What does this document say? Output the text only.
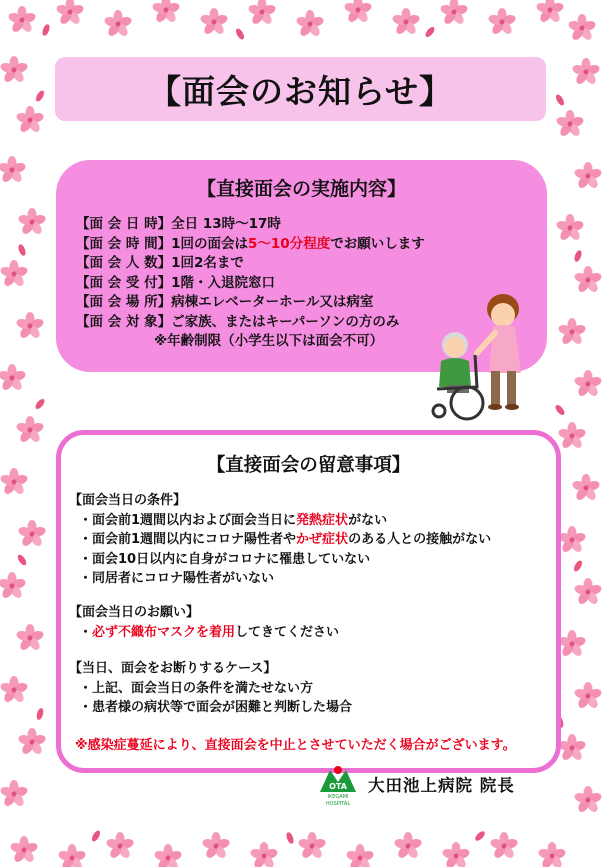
【面会のお知らせ】
【直接面会の実施内容】
【面 会 日 時】全日 13時〜17時
【面 会 時 間】1回の面会は5〜10分程度でお願いします
【面 会 人 数】1回2名まで
【面 会 受 付】1階・入退院窓口
【面 会 場 所】病棟エレベーターホール又は病室
【面 会 対 象】ご家族、またはキーパーソンの方のみ
※年齢制限（小学生以下は面会不可）
【直接面会の留意事項】
【面会当日の条件】
・面会前1週間以内および面会当日に発熱症状がない
・面会前1週間以内にコロナ陽性者やかぜ症状のある人との接触がない
・面会10日以内に自身がコロナに罹患していない
・同居者にコロナ陽性者がいない
【面会当日のお願い】
・必ず不織布マスクを着用してきてください
【当日、面会をお断りするケース】
・上記、面会当日の条件を満たせない方
・患者様の病状等で面会が困難と判断した場合
※感染症蔓延により、直接面会を中止とさせていただく場合がございます。
OTA
IKEGAMI
HOSPITAL
大田池上病院 院長
